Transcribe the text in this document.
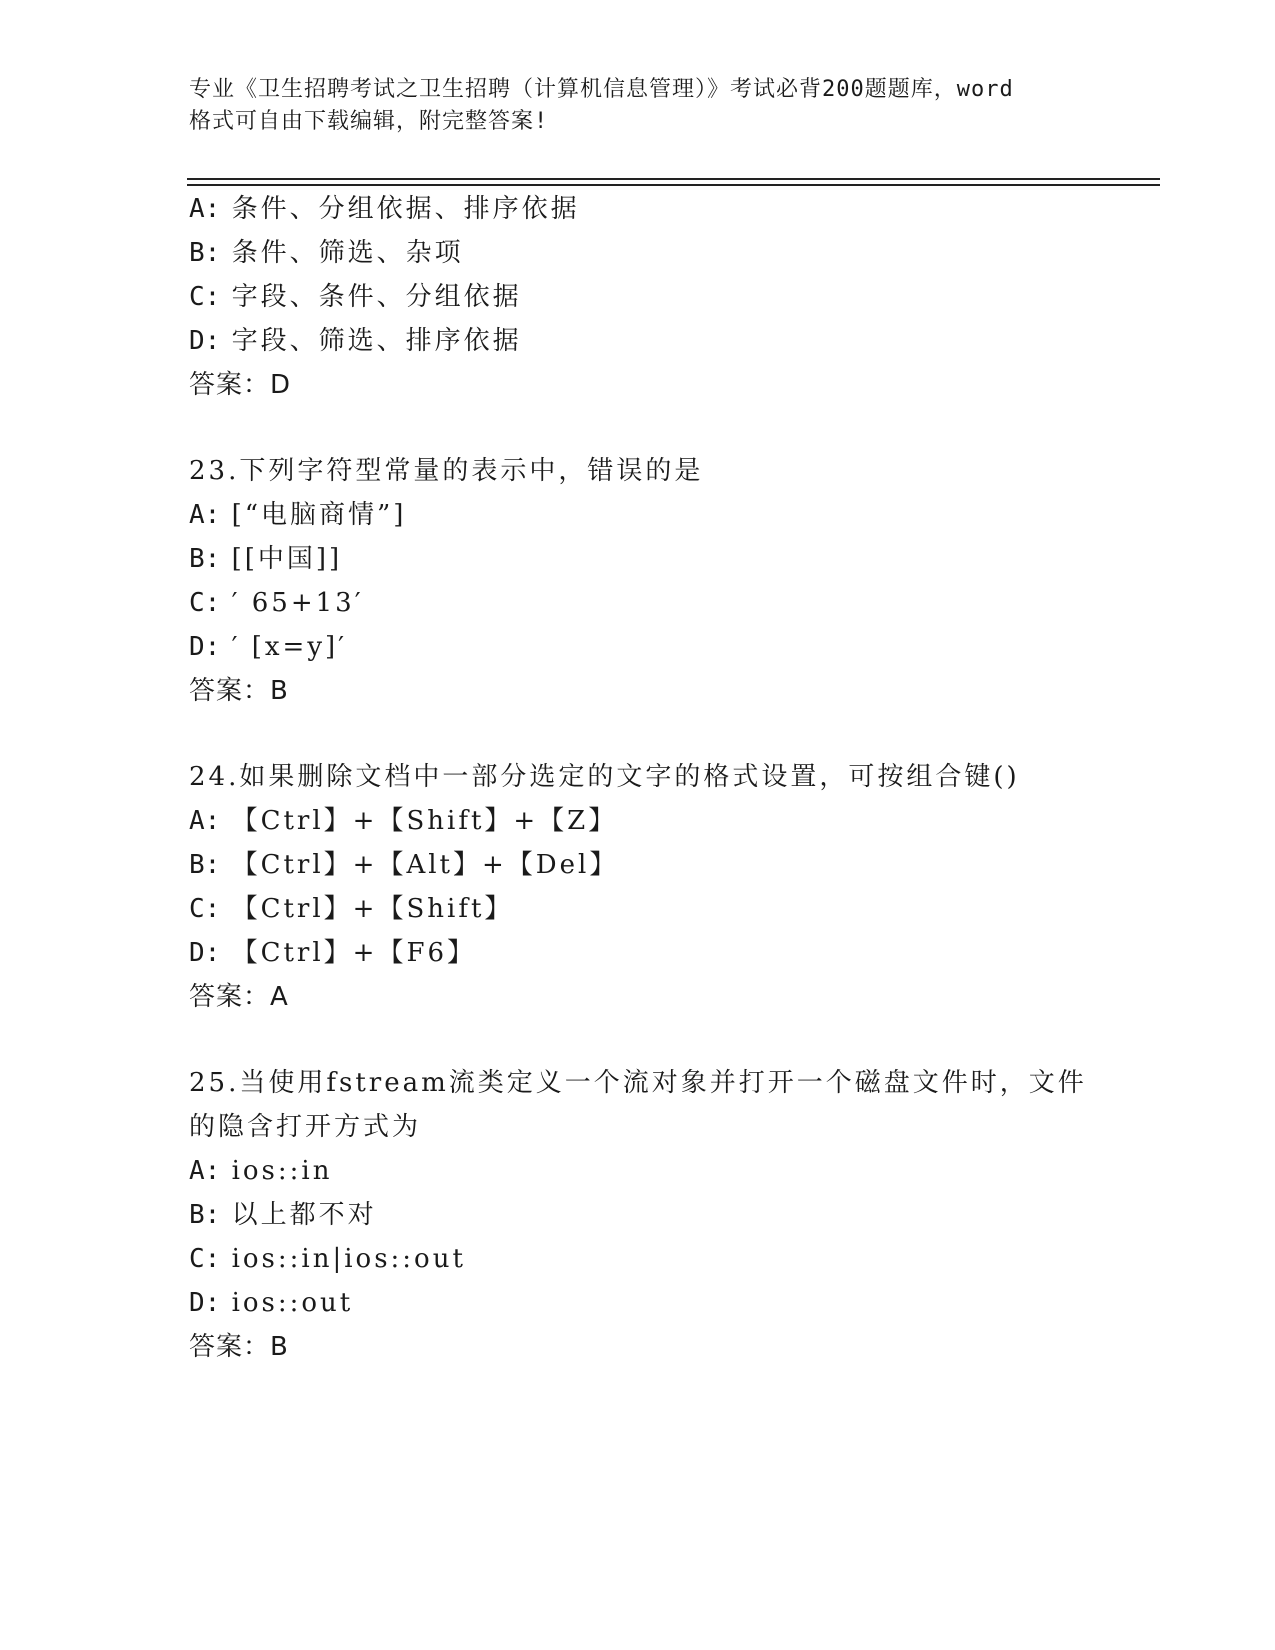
专业《卫生招聘考试之卫生招聘（计算机信息管理）》考试必背200题题库，word
格式可自由下载编辑，附完整答案!
A: 条件、分组依据、排序依据
B: 条件、筛选、杂项
C: 字段、条件、分组依据
D: 字段、筛选、排序依据
答案：D
23.下列字符型常量的表示中，错误的是
A: [“电脑商情”]
B: [[中国]]
C: ′ 65+13′
D: ′ [x=y]′
答案：B
24.如果删除文档中一部分选定的文字的格式设置，可按组合键()
A: 【Ctrl】+【Shift】+【Z】
B: 【Ctrl】+【Alt】+【Del】
C: 【Ctrl】+【Shift】
D: 【Ctrl】+【F6】
答案：A
25.当使用fstream流类定义一个流对象并打开一个磁盘文件时，文件
的隐含打开方式为
A: ios::in
B: 以上都不对
C: ios::in|ios::out
D: ios::out
答案：B
